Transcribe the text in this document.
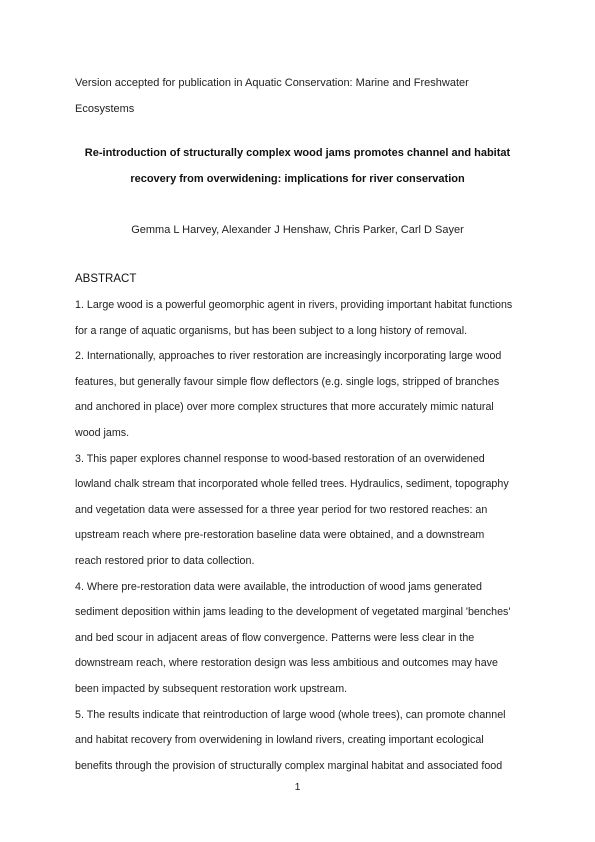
Version accepted for publication in Aquatic Conservation: Marine and Freshwater
Ecosystems
Re-introduction of structurally complex wood jams promotes channel and habitat
recovery from overwidening: implications for river conservation
Gemma L Harvey, Alexander J Henshaw, Chris Parker, Carl D Sayer
ABSTRACT
1. Large wood is a powerful geomorphic agent in rivers, providing important habitat functions
for a range of aquatic organisms, but has been subject to a long history of removal.
2. Internationally, approaches to river restoration are increasingly incorporating large wood
features, but generally favour simple flow deflectors (e.g. single logs, stripped of branches
and anchored in place) over more complex structures that more accurately mimic natural
wood jams.
3. This paper explores channel response to wood-based restoration of an overwidened
lowland chalk stream that incorporated whole felled trees. Hydraulics, sediment, topography
and vegetation data were assessed for a three year period for two restored reaches: an
upstream reach where pre-restoration baseline data were obtained, and a downstream
reach restored prior to data collection.
4. Where pre-restoration data were available, the introduction of wood jams generated
sediment deposition within jams leading to the development of vegetated marginal 'benches'
and bed scour in adjacent areas of flow convergence. Patterns were less clear in the
downstream reach, where restoration design was less ambitious and outcomes may have
been impacted by subsequent restoration work upstream.
5. The results indicate that reintroduction of large wood (whole trees), can promote channel
and habitat recovery from overwidening in lowland rivers, creating important ecological
benefits through the provision of structurally complex marginal habitat and associated food
1
